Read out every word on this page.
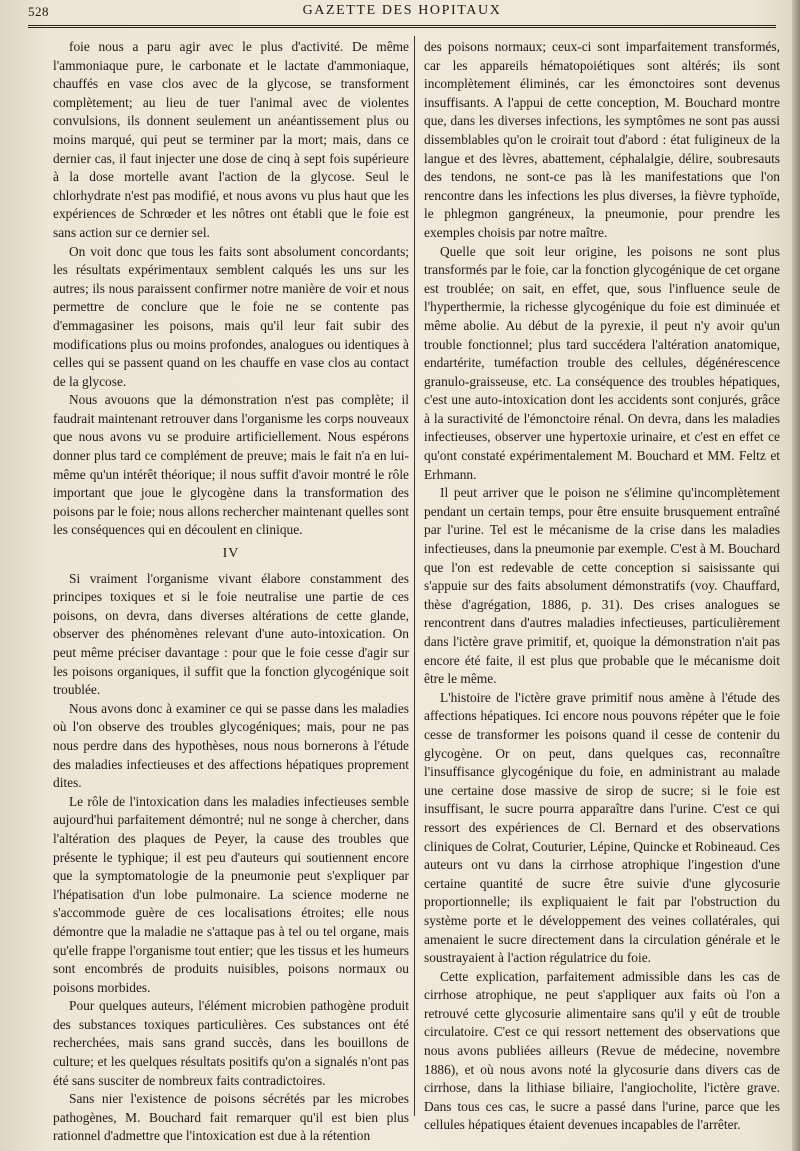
528	GAZETTE DES HOPITAUX

foie nous a paru agir avec le plus d'activité. De même l'ammoniaque pure, le carbonate et le lactate d'ammoniaque, chauffés en vase clos avec de la glycose, se transforment complètement; au lieu de tuer l'animal avec de violentes convulsions, ils donnent seulement un anéantissement plus ou moins marqué, qui peut se terminer par la mort; mais, dans ce dernier cas, il faut injecter une dose de cinq à sept fois supérieure à la dose mortelle avant l'action de la glycose. Seul le chlorhydrate n'est pas modifié, et nous avons vu plus haut que les expériences de Schrœder et les nôtres ont établi que le foie est sans action sur ce dernier sel.

On voit donc que tous les faits sont absolument concordants; les résultats expérimentaux semblent calqués les uns sur les autres; ils nous paraissent confirmer notre manière de voir et nous permettre de conclure que le foie ne se contente pas d'emmagasiner les poisons, mais qu'il leur fait subir des modifications plus ou moins profondes, analogues ou identiques à celles qui se passent quand on les chauffe en vase clos au contact de la glycose.

Nous avouons que la démonstration n'est pas complète; il faudrait maintenant retrouver dans l'organisme les corps nouveaux que nous avons vu se produire artificiellement. Nous espérons donner plus tard ce complément de preuve; mais le fait n'a en lui-même qu'un intérêt théorique; il nous suffit d'avoir montré le rôle important que joue le glycogène dans la transformation des poisons par le foie; nous allons rechercher maintenant quelles sont les conséquences qui en découlent en clinique.

IV

Si vraiment l'organisme vivant élabore constamment des principes toxiques et si le foie neutralise une partie de ces poisons, on devra, dans diverses altérations de cette glande, observer des phénomènes relevant d'une auto-intoxication. On peut même préciser davantage : pour que le foie cesse d'agir sur les poisons organiques, il suffit que la fonction glycogénique soit troublée.

Nous avons donc à examiner ce qui se passe dans les maladies où l'on observe des troubles glycogéniques; mais, pour ne pas nous perdre dans des hypothèses, nous nous bornerons à l'étude des maladies infectieuses et des affections hépatiques proprement dites.

Le rôle de l'intoxication dans les maladies infectieuses semble aujourd'hui parfaitement démontré; nul ne songe à chercher, dans l'altération des plaques de Peyer, la cause des troubles que présente le typhique; il est peu d'auteurs qui soutiennent encore que la symptomatologie de la pneumonie peut s'expliquer par l'hépatisation d'un lobe pulmonaire. La science moderne ne s'accommode guère de ces localisations étroites; elle nous démontre que la maladie ne s'attaque pas à tel ou tel organe, mais qu'elle frappe l'organisme tout entier; que les tissus et les humeurs sont encombrés de produits nuisibles, poisons normaux ou poisons morbides.

Pour quelques auteurs, l'élément microbien pathogène produit des substances toxiques particulières. Ces substances ont été recherchées, mais sans grand succès, dans les bouillons de culture; et les quelques résultats positifs qu'on a signalés n'ont pas été sans susciter de nombreux faits contradictoires.

Sans nier l'existence de poisons sécrétés par les microbes pathogènes, M. Bouchard fait remarquer qu'il est bien plus rationnel d'admettre que l'intoxication est due à la rétention

des poisons normaux; ceux-ci sont imparfaitement transformés, car les appareils hématopoiétiques sont altérés; ils sont incomplètement éliminés, car les émonctoires sont devenus insuffisants. A l'appui de cette conception, M. Bouchard montre que, dans les diverses infections, les symptômes ne sont pas aussi dissemblables qu'on le croirait tout d'abord : état fuligineux de la langue et des lèvres, abattement, céphalalgie, délire, soubresauts des tendons, ne sont-ce pas là les manifestations que l'on rencontre dans les infections les plus diverses, la fièvre typhoïde, le phlegmon gangréneux, la pneumonie, pour prendre les exemples choisis par notre maître.

Quelle que soit leur origine, les poisons ne sont plus transformés par le foie, car la fonction glycogénique de cet organe est troublée; on sait, en effet, que, sous l'influence seule de l'hyperthermie, la richesse glycogénique du foie est diminuée et même abolie. Au début de la pyrexie, il peut n'y avoir qu'un trouble fonctionnel; plus tard succédera l'altération anatomique, endartérite, tuméfaction trouble des cellules, dégénérescence granulo-graisseuse, etc. La conséquence des troubles hépatiques, c'est une auto-intoxication dont les accidents sont conjurés, grâce à la suractivité de l'émonctoire rénal. On devra, dans les maladies infectieuses, observer une hypertoxie urinaire, et c'est en effet ce qu'ont constaté expérimentalement M. Bouchard et MM. Feltz et Erhmann.

Il peut arriver que le poison ne s'élimine qu'incomplètement pendant un certain temps, pour être ensuite brusquement entraîné par l'urine. Tel est le mécanisme de la crise dans les maladies infectieuses, dans la pneumonie par exemple. C'est à M. Bouchard que l'on est redevable de cette conception si saisissante qui s'appuie sur des faits absolument démonstratifs (voy. Chauffard, thèse d'agrégation, 1886, p. 31). Des crises analogues se rencontrent dans d'autres maladies infectieuses, particulièrement dans l'ictère grave primitif, et, quoique la démonstration n'ait pas encore été faite, il est plus que probable que le mécanisme doit être le même.

L'histoire de l'ictère grave primitif nous amène à l'étude des affections hépatiques. Ici encore nous pouvons répéter que le foie cesse de transformer les poisons quand il cesse de contenir du glycogène. Or on peut, dans quelques cas, reconnaître l'insuffisance glycogénique du foie, en administrant au malade une certaine dose massive de sirop de sucre; si le foie est insuffisant, le sucre pourra apparaître dans l'urine. C'est ce qui ressort des expériences de Cl. Bernard et des observations cliniques de Colrat, Couturier, Lépine, Quincke et Robineaud. Ces auteurs ont vu dans la cirrhose atrophique l'ingestion d'une certaine quantité de sucre être suivie d'une glycosurie proportionnelle; ils expliquaient le fait par l'obstruction du système porte et le développement des veines collatérales, qui amenaient le sucre directement dans la circulation générale et le soustrayaient à l'action régulatrice du foie.

Cette explication, parfaitement admissible dans les cas de cirrhose atrophique, ne peut s'appliquer aux faits où l'on a retrouvé cette glycosurie alimentaire sans qu'il y eût de trouble circulatoire. C'est ce qui ressort nettement des observations que nous avons publiées ailleurs (Revue de médecine, novembre 1886), et où nous avons noté la glycosurie dans divers cas de cirrhose, dans la lithiase biliaire, l'angiocholite, l'ictère grave. Dans tous ces cas, le sucre a passé dans l'urine, parce que les cellules hépatiques étaient devenues incapables de l'arrêter.
